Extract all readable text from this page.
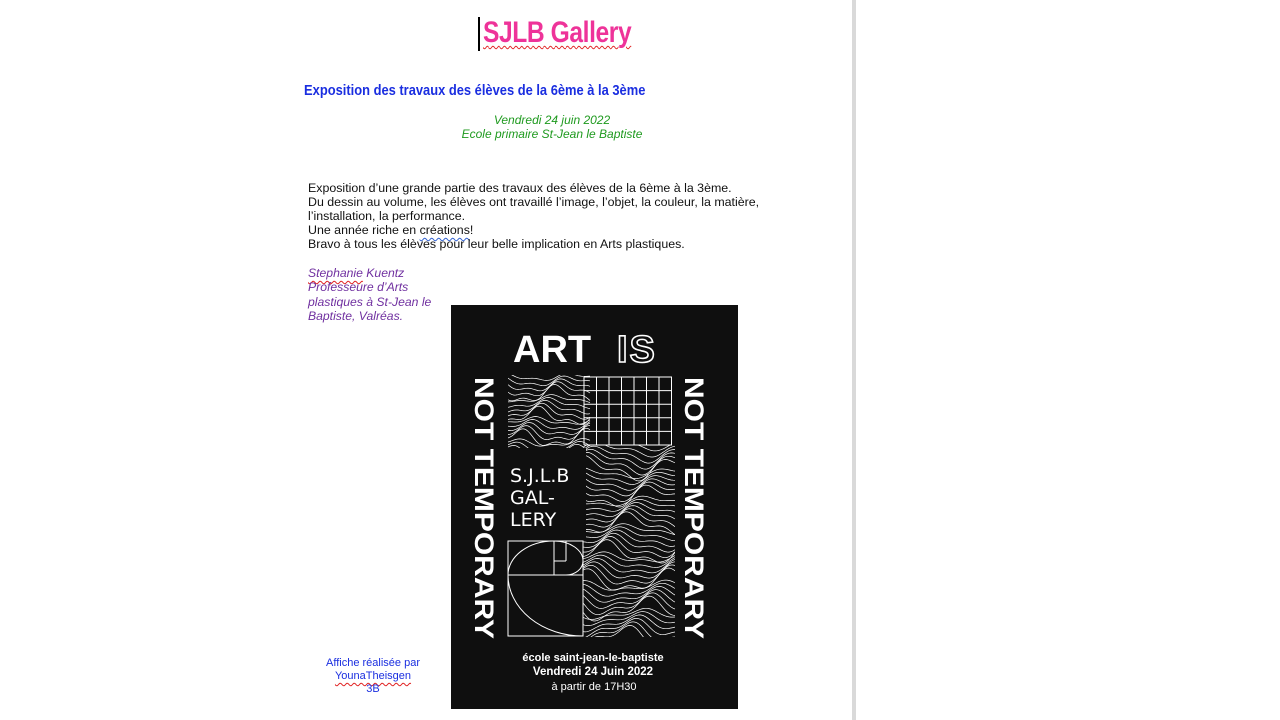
SJLB Gallery
Exposition des travaux des élèves de la 6ème à la 3ème
Vendredi 24 juin 2022
Ecole primaire St-Jean le Baptiste
Exposition d’une grande partie des travaux des élèves de la 6ème à la 3ème.
Du dessin au volume, les élèves ont travaillé l’image, l’objet, la couleur, la matière,
l’installation, la performance.
Une année riche en créations!
Bravo à tous les élèves pour leur belle implication en Arts plastiques.
Stephanie Kuentz
Professeure d’Arts
plastiques à St-Jean le
Baptiste, Valréas.
Affiche réalisée par
YounaTheisgen
3B
ART IS
NOT TEMPORARY	NOT TEMPORARY
S.J.L.B
GAL-
LERY
école saint-jean-le-baptiste
Vendredi 24 Juin 2022
à partir de 17H30
